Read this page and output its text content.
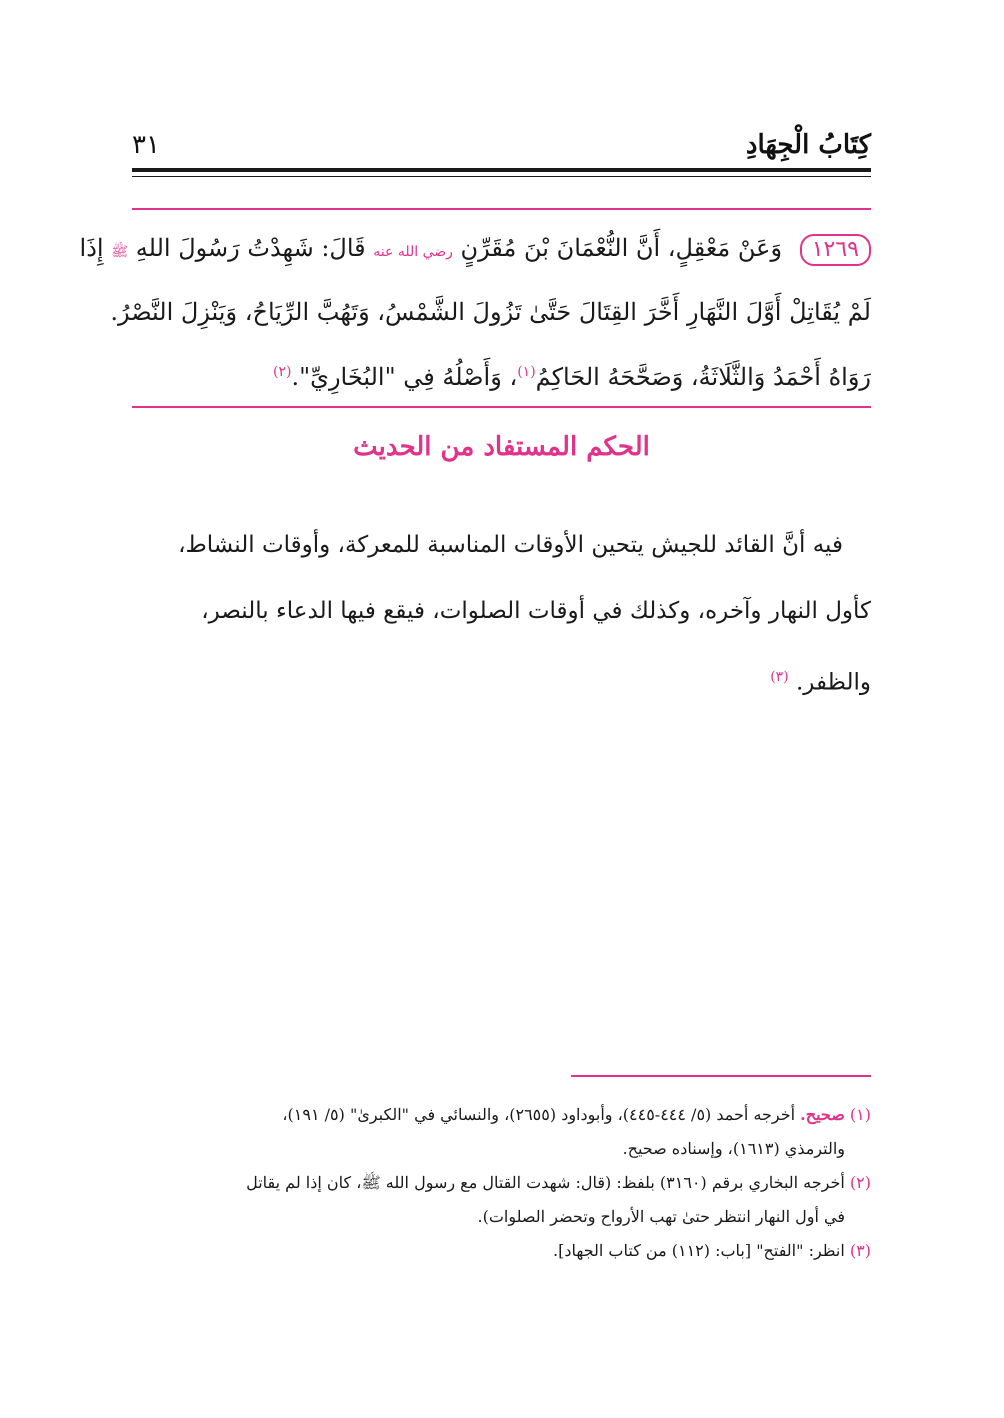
كِتَابُ الْجِهَادِ
٣١
١٢٦٩ وَعَنْ مَعْقِلٍ، أَنَّ النُّعْمَانَ بْنَ مُقَرِّنٍ رضي الله عنه قَالَ: شَهِدْتُ رَسُولَ اللهِ ﷺ إِذَا
لَمْ يُقَاتِلْ أَوَّلَ النَّهَارِ أَخَّرَ القِتَالَ حَتَّىٰ تَزُولَ الشَّمْسُ، وَتَهُبَّ الرِّيَاحُ، وَيَنْزِلَ النَّصْرُ.
رَوَاهُ أَحْمَدُ وَالثَّلَاثَةُ، وَصَحَّحَهُ الحَاكِمُ$^{(١)}$، وَأَصْلُهُ فِي "البُخَارِيِّ".$^{(٢)}$
الحكم المستفاد من الحديث
فيه أنَّ القائد للجيش يتحين الأوقات المناسبة للمعركة، وأوقات النشاط،
كأول النهار وآخره، وكذلك في أوقات الصلوات، فيقع فيها الدعاء بالنصر،
والظفر. $^{(٣)}$
(١) صحيح. أخرجه أحمد (٥/ ٤٤٤-٤٤٥)، وأبوداود (٢٦٥٥)، والنسائي في "الكبرىٰ" (٥/ ١٩١)،
والترمذي (١٦١٣)، وإسناده صحيح.
(٢) أخرجه البخاري برقم (٣١٦٠) بلفظ: (قال: شهدت القتال مع رسول الله ﷺ، كان إذا لم يقاتل
في أول النهار انتظر حتىٰ تهب الأرواح وتحضر الصلوات).
(٣) انظر: "الفتح" [باب: (١١٢) من كتاب الجهاد].
